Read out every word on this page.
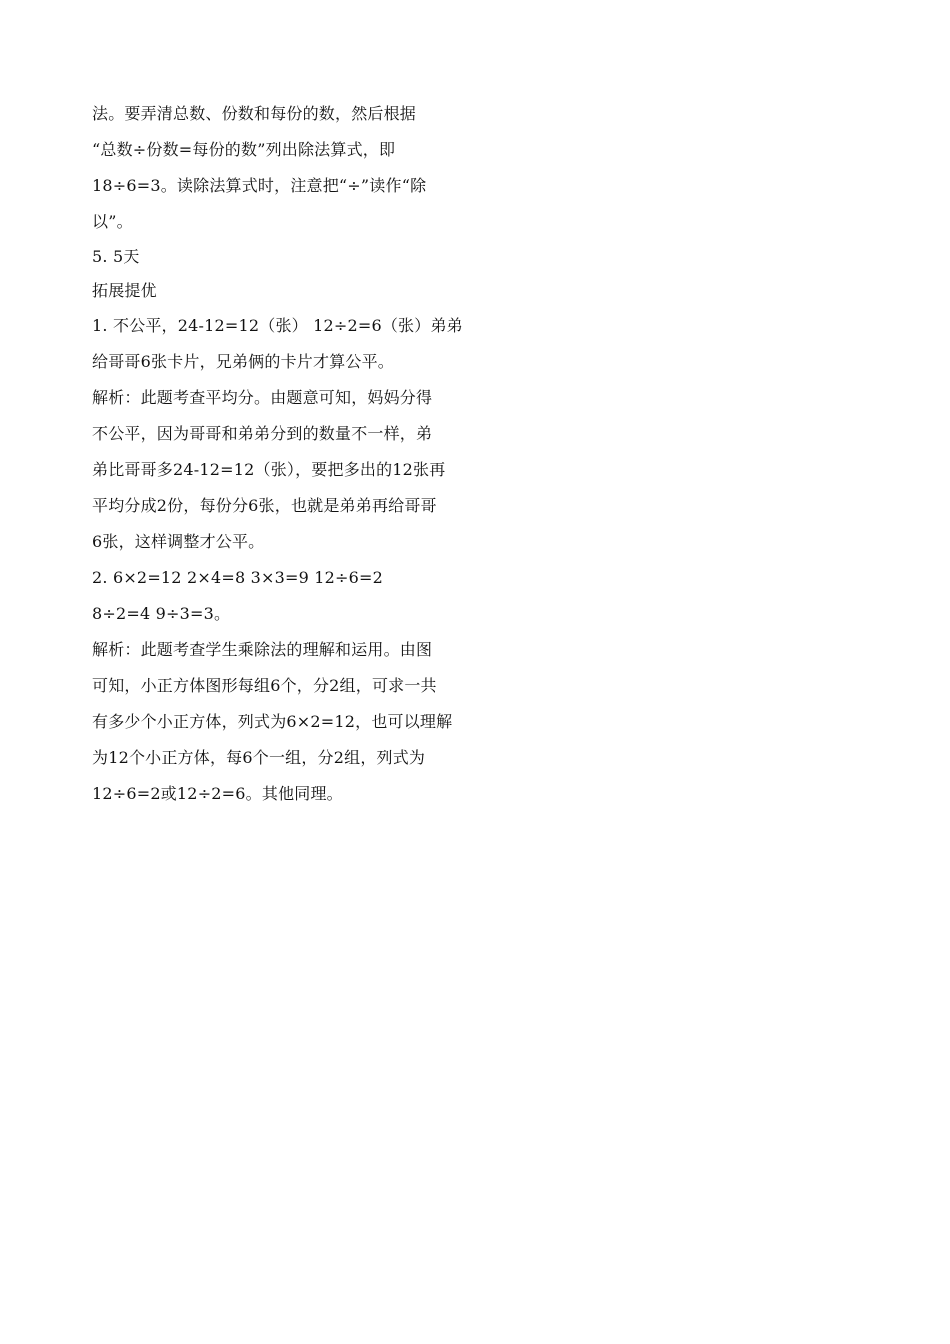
法。要弄清总数、份数和每份的数，然后根据
“总数÷份数=每份的数”列出除法算式，即
18÷6=3。读除法算式时，注意把“÷”读作“除
以”。
5. 5天
拓展提优
1. 不公平，24-12=12（张） 12÷2=6（张）弟弟
给哥哥6张卡片，兄弟俩的卡片才算公平。
解析：此题考查平均分。由题意可知，妈妈分得
不公平，因为哥哥和弟弟分到的数量不一样，弟
弟比哥哥多24-12=12（张），要把多出的12张再
平均分成2份，每份分6张，也就是弟弟再给哥哥
6张，这样调整才公平。
2. 6×2=12 2×4=8 3×3=9 12÷6=2
8÷2=4 9÷3=3。
解析：此题考查学生乘除法的理解和运用。由图
可知，小正方体图形每组6个，分2组，可求一共
有多少个小正方体，列式为6×2=12，也可以理解
为12个小正方体，每6个一组，分2组，列式为
12÷6=2或12÷2=6。其他同理。
